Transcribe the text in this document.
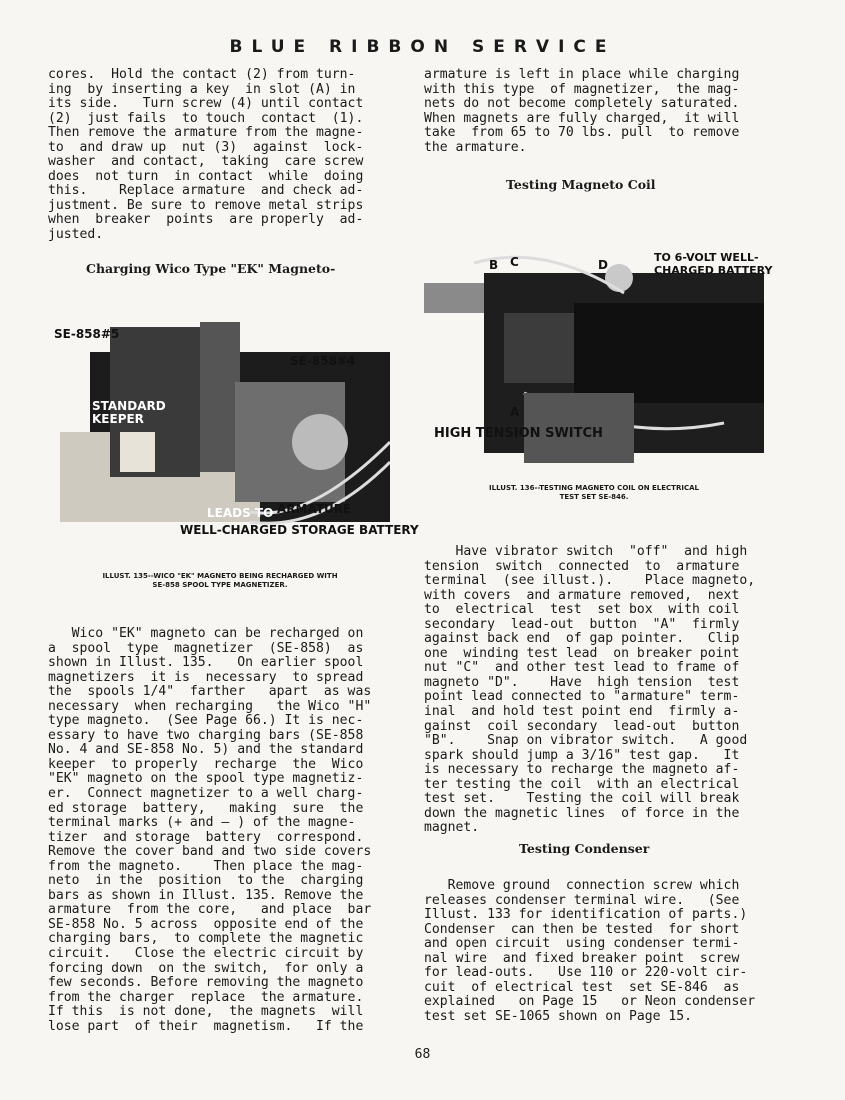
BLUE RIBBON SERVICE
cores.  Hold the contact (2) from turn-
ing  by inserting a key  in slot (A) in
its side.   Turn screw (4) until contact
(2)  just fails  to touch  contact  (1).
Then remove the armature from the magne-
to  and draw up  nut (3)  against  lock-
washer  and contact,  taking  care screw
does  not turn  in contact  while  doing
this.    Replace armature  and check ad-
justment. Be sure to remove metal strips
when  breaker  points  are properly  ad-
justed.
Charging Wico Type "EK" Magneto-
SE-858#5
SE-858#4
STANDARD
KEEPER
LEADS TO ARMATURE
WELL-CHARGED STORAGE BATTERY
ILLUST. 135--WICO "EK" MAGNETO BEING RECHARGED WITH
SE-858 SPOOL TYPE MAGNETIZER.
Wico "EK" magneto can be recharged on
a  spool  type  magnetizer  (SE-858)  as
shown in Illust. 135.   On earlier spool
magnetizers  it is  necessary  to spread
the  spools 1/4"  farther   apart  as was
necessary  when recharging   the Wico "H"
type magneto.  (See Page 66.) It is nec-
essary to have two charging bars (SE-858
No. 4 and SE-858 No. 5) and the standard
keeper  to properly  recharge  the  Wico
"EK" magneto on the spool type magnetiz-
er.  Connect magnetizer to a well charg-
ed storage  battery,   making  sure  the
terminal marks (+ and — ) of the magne-
tizer  and storage  battery  correspond.
Remove the cover band and two side covers
from the magneto.    Then place the mag-
neto  in the  position  to the  charging
bars as shown in Illust. 135. Remove the
armature  from the core,   and place  bar
SE-858 No. 5 across  opposite end of the
charging bars,  to complete the magnetic
circuit.   Close the electric circuit by
forcing down  on the switch,  for only a
few seconds. Before removing the magneto
from the charger  replace  the armature.
If this  is not done,  the magnets  will
lose part  of their  magnetism.   If the
armature is left in place while charging
with this type  of magnetizer,  the mag-
nets do not become completely saturated.
When magnets are fully charged,  it will
take  from 65 to 70 lbs. pull  to remove
the armature.
Testing Magneto Coil
B C	D
TO 6-VOLT WELL-
CHARGED BATTERY
A
HIGH TENSION SWITCH
ILLUST. 136--TESTING MAGNETO COIL ON ELECTRICAL
TEST SET SE-846.
Have vibrator switch  "off"  and high
tension  switch  connected  to  armature
terminal  (see illust.).    Place magneto,
with covers  and armature removed,  next
to  electrical  test  set box  with coil
secondary  lead-out  button  "A"  firmly
against back end  of gap pointer.   Clip
one  winding test lead  on breaker point
nut "C"  and other test lead to frame of
magneto "D".    Have  high tension  test
point lead connected to "armature" term-
inal  and hold test point end  firmly a-
gainst  coil secondary  lead-out  button
"B".    Snap on vibrator switch.   A good
spark should jump a 3/16" test gap.   It
is necessary to recharge the magneto af-
ter testing the coil  with an electrical
test set.    Testing the coil will break
down the magnetic lines  of force in the
magnet.
Testing Condenser
Remove ground  connection screw which
releases condenser terminal wire.   (See
Illust. 133 for identification of parts.)
Condenser  can then be tested  for short
and open circuit  using condenser termi-
nal wire  and fixed breaker point  screw
for lead-outs.   Use 110 or 220-volt cir-
cuit  of electrical test  set SE-846  as
explained   on Page 15   or Neon condenser
test set SE-1065 shown on Page 15.
68
